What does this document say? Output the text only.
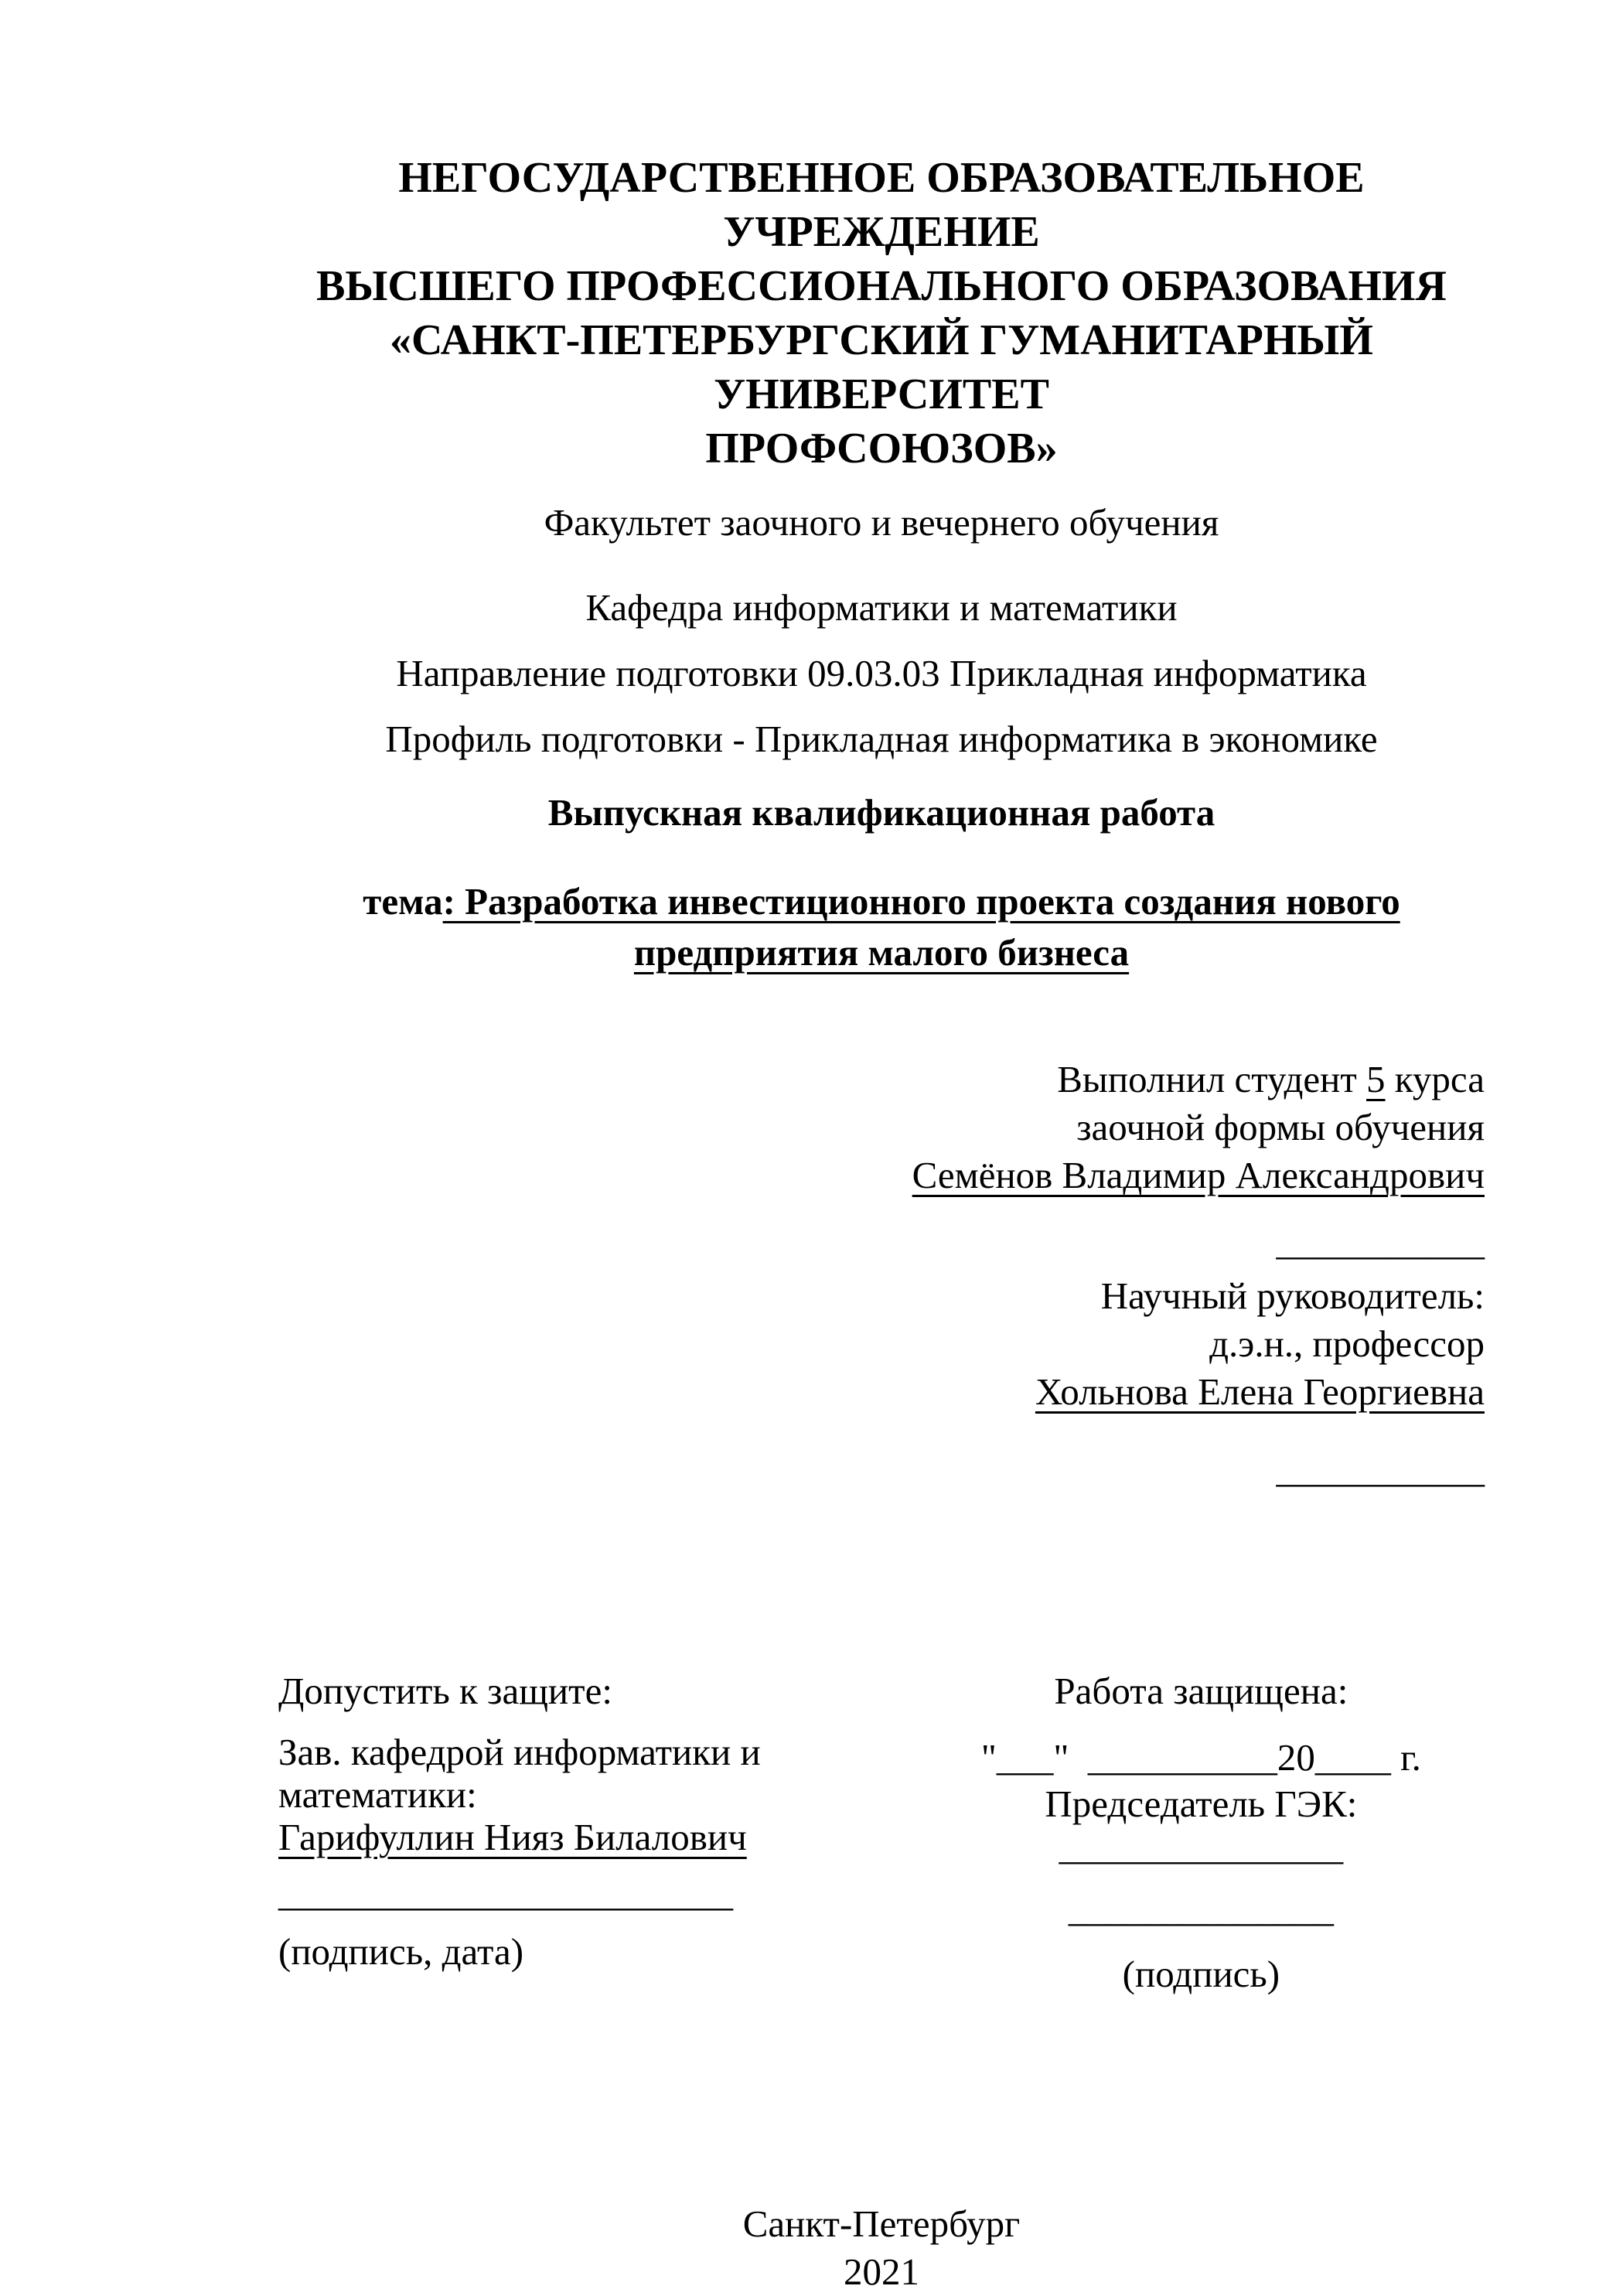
НЕГОСУДАРСТВЕННОЕ ОБРАЗОВАТЕЛЬНОЕ УЧРЕЖДЕНИЕ
ВЫСШЕГО ПРОФЕССИОНАЛЬНОГО ОБРАЗОВАНИЯ
«САНКТ-ПЕТЕРБУРГСКИЙ ГУМАНИТАРНЫЙ УНИВЕРСИТЕТ
ПРОФСОЮЗОВ»
Факультет заочного и вечернего обучения
Кафедра информатики и математики
Направление подготовки 09.03.03 Прикладная информатика
Профиль подготовки - Прикладная информатика в экономике
Выпускная квалификационная работа
тема: Разработка инвестиционного проекта создания нового
предприятия малого бизнеса
Выполнил студент 5 курса
заочной формы обучения
Семёнов Владимир Александрович
___________
Научный руководитель:
д.э.н., профессор
Хольнова Елена Георгиевна
___________
Допустить к защите:
Зав. кафедрой информатики и
математики:
Гарифуллин Нияз Билалович
________________________
(подпись, дата)
Работа защищена:
"___"  __________20____ г.
Председатель ГЭК:
_______________
______________
(подпись)
Санкт-Петербург
2021
